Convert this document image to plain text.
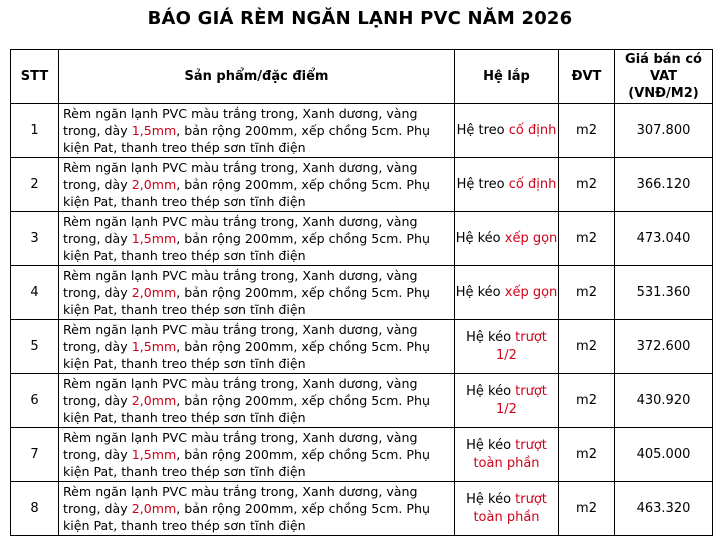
BÁO GIÁ RÈM NGĂN LẠNH PVC NĂM 2026
STT	Sản phẩm/đặc điểm	Hệ lắp	ĐVT	Giá bán có
VAT
(VNĐ/M2)

1	Rèm ngăn lạnh PVC màu trắng trong, Xanh dương, vàng trong, dày 1,5mm, bản rộng 200mm, xếp chồng 5cm. Phụ kiện Pat, thanh treo thép sơn tĩnh điện	Hệ treo cố định	m2	307.800
2	Rèm ngăn lạnh PVC màu trắng trong, Xanh dương, vàng trong, dày 2,0mm, bản rộng 200mm, xếp chồng 5cm. Phụ kiện Pat, thanh treo thép sơn tĩnh điện	Hệ treo cố định	m2	366.120
3	Rèm ngăn lạnh PVC màu trắng trong, Xanh dương, vàng trong, dày 1,5mm, bản rộng 200mm, xếp chồng 5cm. Phụ kiện Pat, thanh treo thép sơn tĩnh điện	Hệ kéo xếp gọn	m2	473.040
4	Rèm ngăn lạnh PVC màu trắng trong, Xanh dương, vàng trong, dày 2,0mm, bản rộng 200mm, xếp chồng 5cm. Phụ kiện Pat, thanh treo thép sơn tĩnh điện	Hệ kéo xếp gọn	m2	531.360
5	Rèm ngăn lạnh PVC màu trắng trong, Xanh dương, vàng trong, dày 1,5mm, bản rộng 200mm, xếp chồng 5cm. Phụ kiện Pat, thanh treo thép sơn tĩnh điện	Hệ kéo trượt 1/2	m2	372.600
6	Rèm ngăn lạnh PVC màu trắng trong, Xanh dương, vàng trong, dày 2,0mm, bản rộng 200mm, xếp chồng 5cm. Phụ kiện Pat, thanh treo thép sơn tĩnh điện	Hệ kéo trượt 1/2	m2	430.920
7	Rèm ngăn lạnh PVC màu trắng trong, Xanh dương, vàng trong, dày 1,5mm, bản rộng 200mm, xếp chồng 5cm. Phụ kiện Pat, thanh treo thép sơn tĩnh điện	Hệ kéo trượt toàn phần	m2	405.000
8	Rèm ngăn lạnh PVC màu trắng trong, Xanh dương, vàng trong, dày 2,0mm, bản rộng 200mm, xếp chồng 5cm. Phụ kiện Pat, thanh treo thép sơn tĩnh điện	Hệ kéo trượt toàn phần	m2	463.320
